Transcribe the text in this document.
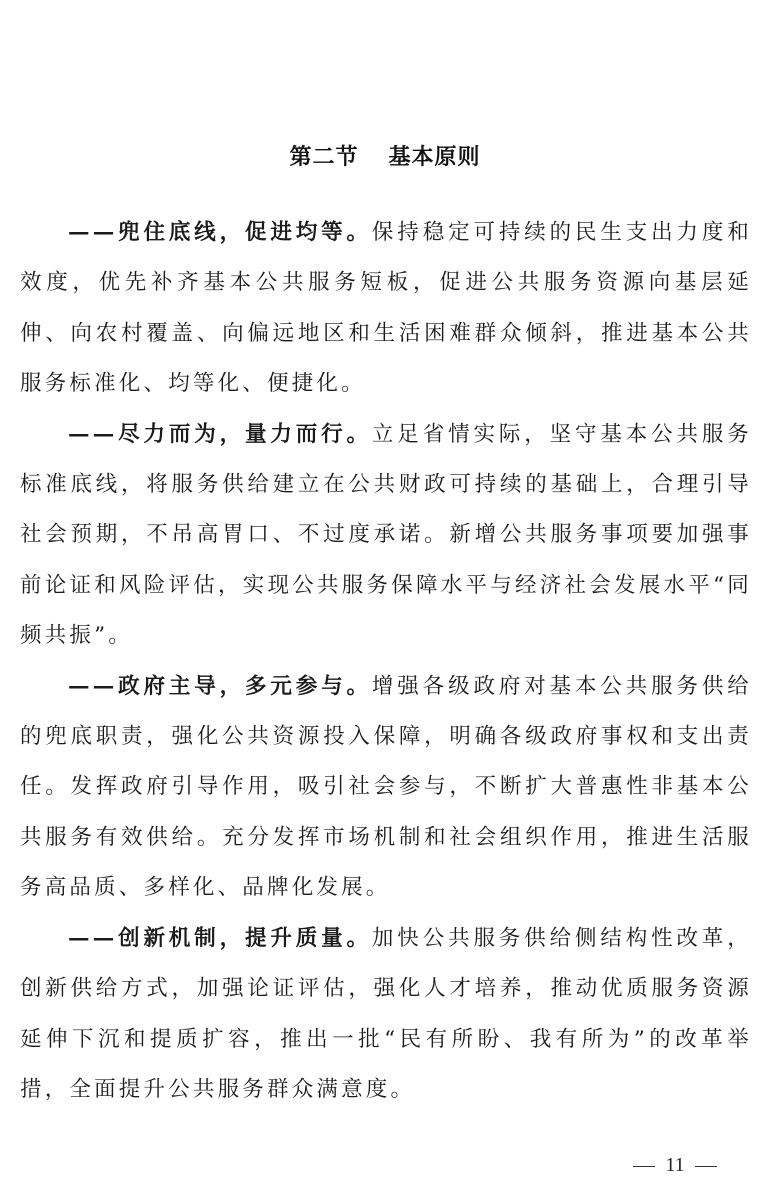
第二节 基本原则

——兜住底线，促进均等。保持稳定可持续的民生支出力度和效度，优先补齐基本公共服务短板，促进公共服务资源向基层延伸、向农村覆盖、向偏远地区和生活困难群众倾斜，推进基本公共服务标准化、均等化、便捷化。

——尽力而为，量力而行。立足省情实际，坚守基本公共服务标准底线，将服务供给建立在公共财政可持续的基础上，合理引导社会预期，不吊高胃口、不过度承诺。新增公共服务事项要加强事前论证和风险评估，实现公共服务保障水平与经济社会发展水平“同频共振”。

——政府主导，多元参与。增强各级政府对基本公共服务供给的兜底职责，强化公共资源投入保障，明确各级政府事权和支出责任。发挥政府引导作用，吸引社会参与，不断扩大普惠性非基本公共服务有效供给。充分发挥市场机制和社会组织作用，推进生活服务高品质、多样化、品牌化发展。

——创新机制，提升质量。加快公共服务供给侧结构性改革，创新供给方式，加强论证评估，强化人才培养，推动优质服务资源延伸下沉和提质扩容，推出一批“民有所盼、我有所为”的改革举措，全面提升公共服务群众满意度。

11
